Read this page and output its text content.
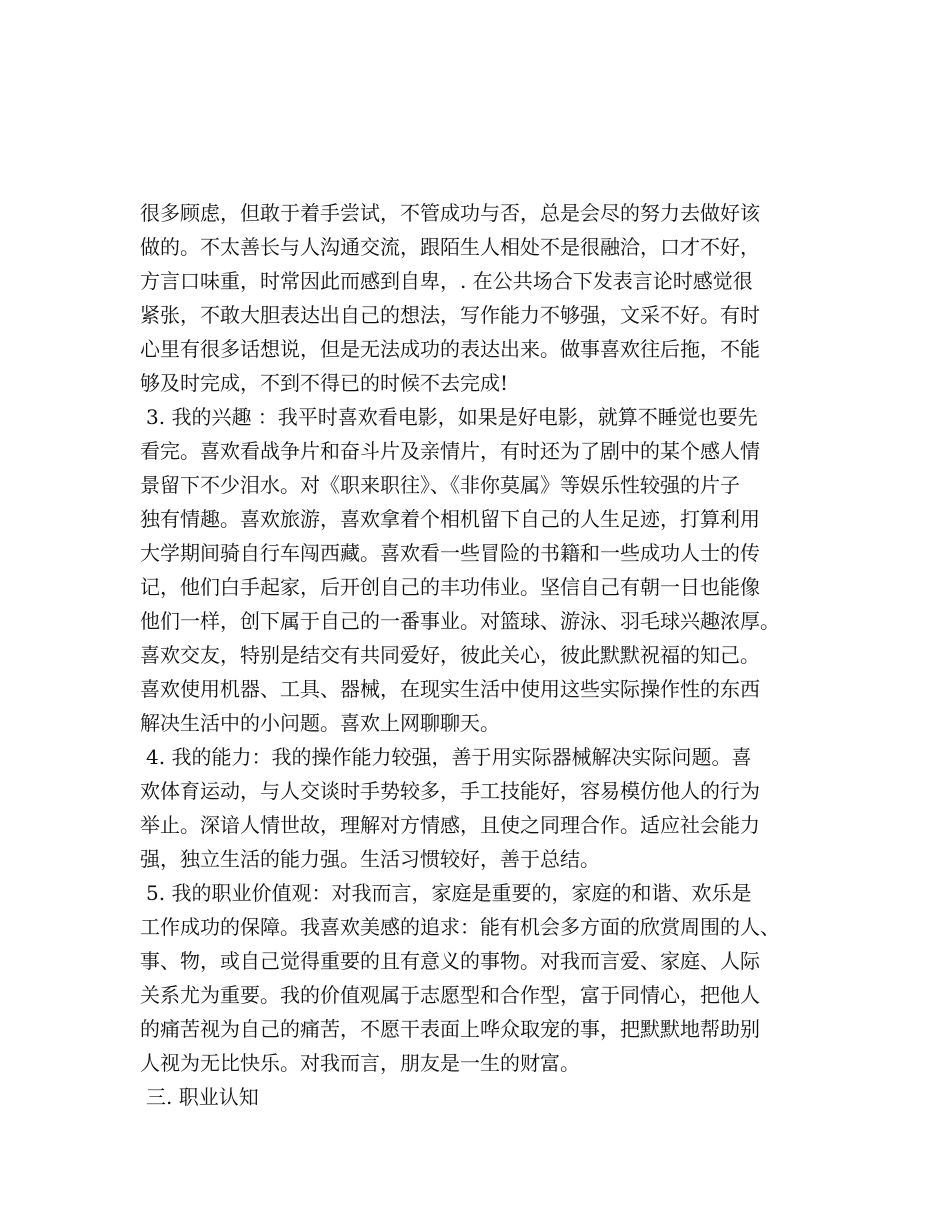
很多顾虑，但敢于着手尝试，不管成功与否，总是会尽的努力去做好该
做的。不太善长与人沟通交流，跟陌生人相处不是很融洽，口才不好，
方言口味重，时常因此而感到自卑，. 在公共场合下发表言论时感觉很
紧张，不敢大胆表达出自己的想法，写作能力不够强，文采不好。有时
心里有很多话想说，但是无法成功的表达出来。做事喜欢往后拖，不能
够及时完成，不到不得已的时候不去完成!
3. 我的兴趣 ：我平时喜欢看电影，如果是好电影，就算不睡觉也要先
看完。喜欢看战争片和奋斗片及亲情片，有时还为了剧中的某个感人情
景留下不少泪水。对《职来职往》、《非你莫属》等娱乐性较强的片子
独有情趣。喜欢旅游，喜欢拿着个相机留下自己的人生足迹，打算利用
大学期间骑自行车闯西藏。喜欢看一些冒险的书籍和一些成功人士的传
记，他们白手起家，后开创自己的丰功伟业。坚信自己有朝一日也能像
他们一样，创下属于自己的一番事业。对篮球、游泳、羽毛球兴趣浓厚。
喜欢交友，特别是结交有共同爱好，彼此关心，彼此默默祝福的知己。
喜欢使用机器、工具、器械，在现实生活中使用这些实际操作性的东西
解决生活中的小问题。喜欢上网聊聊天。
4. 我的能力：我的操作能力较强，善于用实际器械解决实际问题。喜
欢体育运动，与人交谈时手势较多，手工技能好，容易模仿他人的行为
举止。深谙人情世故，理解对方情感，且使之同理合作。适应社会能力
强，独立生活的能力强。生活习惯较好，善于总结。
5. 我的职业价值观：对我而言，家庭是重要的，家庭的和谐、欢乐是
工作成功的保障。我喜欢美感的追求：能有机会多方面的欣赏周围的人、
事、物，或自己觉得重要的且有意义的事物。对我而言爱、家庭、人际
关系尤为重要。我的价值观属于志愿型和合作型，富于同情心，把他人
的痛苦视为自己的痛苦，不愿干表面上哗众取宠的事，把默默地帮助别
人视为无比快乐。对我而言，朋友是一生的财富。
三. 职业认知
